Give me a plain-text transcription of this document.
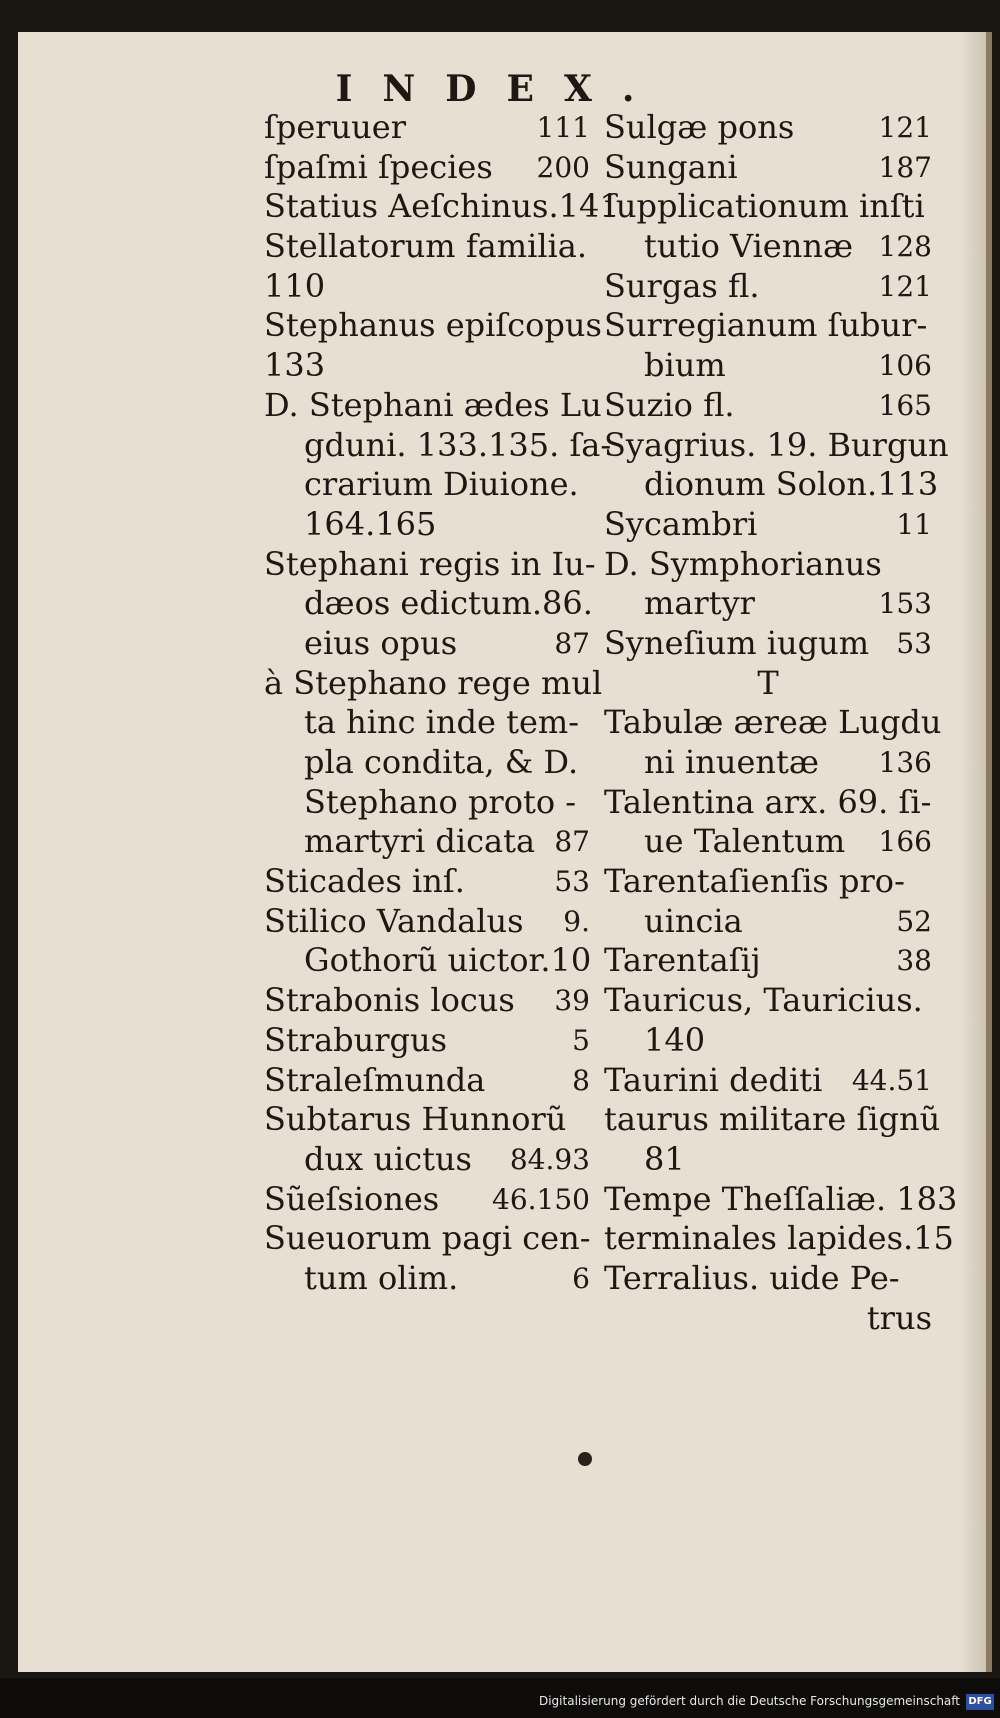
INDEX.
ſperuuer	111
ſpaſmi ſpecies 200
Statius Aeſchinus.141
Stellatorum familia.
110
Stephanus epiſcopus
133
D. Stephani ædes Lu
gduni. 133.135. ſa-
crarium Diuione.
164.165
Stephani regis in Iu-
dæos edictum.86.
eius opus	87
à Stephano rege mul
ta hinc inde tem-
pla condita, & D.
Stephano proto -
martyri dicata 87
Sticades inſ.	53
Stilico Vandalus 9.
Gothorũ uictor.10
Strabonis locus 39
Straburgus	5
Straleſmunda	8
Subtarus Hunnorũ
dux uictus 84.93
Sũeſsiones 46.150
Sueuorum pagi cen-
tum olim.	6
Sulgæ pons	121
Sungani	187
ſupplicationum inſti
tutio Viennæ 128
Surgas fl.	121
Surregianum ſubur-
bium	106
Suzio fl.	165
Syagrius. 19. Burgun
dionum Solon.113
Sycambri	11
D. Symphorianus
martyr	153
Syneſium iugum 53
T
Tabulæ æreæ Lugdu
ni inuentæ 136
Talentina arx. 69. ſi-
ue Talentum 166
Tarentaſienſis pro-
uincia	52
Tarentaſij	38
Tauricus, Tauricius.
140
Taurini dediti 44.51
taurus militare ſignũ
81
Tempe Theſſaliæ. 183
terminales lapides.15
Terralius. uide Pe-
trus
Digitalisierung gefördert durch die Deutsche Forschungsgemeinschaft DFG
